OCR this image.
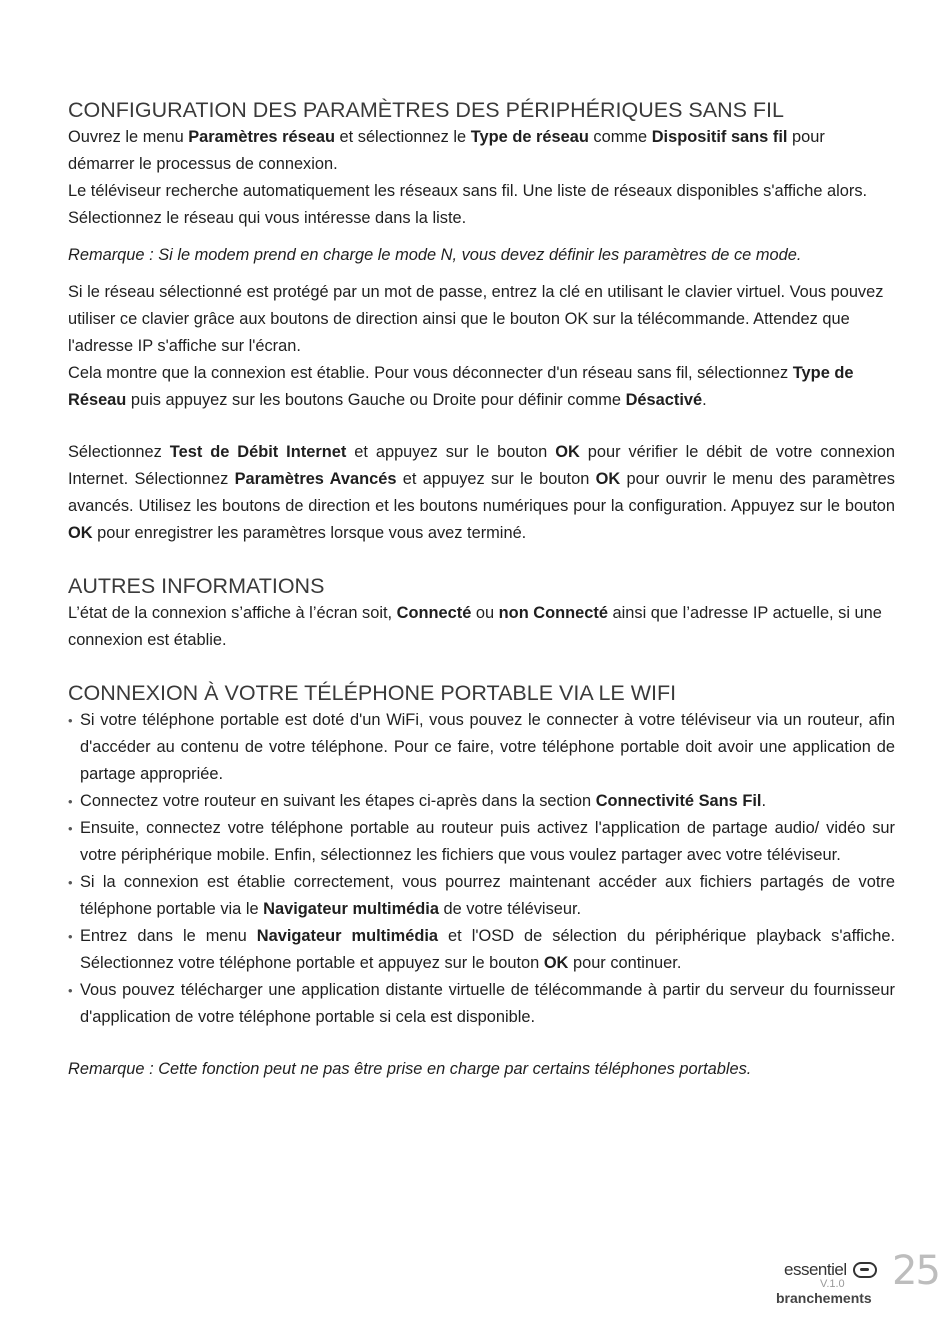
CONFIGURATION DES PARAMÈTRES DES PÉRIPHÉRIQUES SANS FIL

Ouvrez le menu Paramètres réseau et sélectionnez le Type de réseau comme Dispositif sans fil pour démarrer le processus de connexion.

Le téléviseur recherche automatiquement les réseaux sans fil. Une liste de réseaux disponibles s'affiche alors. Sélectionnez le réseau qui vous intéresse dans la liste.

Remarque : Si le modem prend en charge le mode N, vous devez définir les paramètres de ce mode.

Si le réseau sélectionné est protégé par un mot de passe, entrez la clé en utilisant le clavier virtuel. Vous pouvez utiliser ce clavier grâce aux boutons de direction ainsi que le bouton OK sur la télécommande. Attendez que l'adresse IP s'affiche sur l'écran.

Cela montre que la connexion est établie. Pour vous déconnecter d'un réseau sans fil, sélectionnez Type de Réseau puis appuyez sur les boutons Gauche ou Droite pour définir comme Désactivé.

Sélectionnez Test de Débit Internet et appuyez sur le bouton OK pour vérifier le débit de votre connexion Internet. Sélectionnez Paramètres Avancés et appuyez sur le bouton OK pour ouvrir le menu des paramètres avancés. Utilisez les boutons de direction et les boutons numériques pour la configuration. Appuyez sur le bouton OK pour enregistrer les paramètres lorsque vous avez terminé.

AUTRES INFORMATIONS

L’état de la connexion s’affiche à l’écran soit, Connecté ou non Connecté ainsi que l’adresse IP actuelle, si une connexion est établie.

CONNEXION À VOTRE TÉLÉPHONE PORTABLE VIA LE WIFI
• Si votre téléphone portable est doté d'un WiFi, vous pouvez le connecter à votre téléviseur via un routeur, afin d'accéder au contenu de votre téléphone. Pour ce faire, votre téléphone portable doit avoir une application de partage appropriée.
• Connectez votre routeur en suivant les étapes ci-après dans la section Connectivité Sans Fil.
• Ensuite, connectez votre téléphone portable au routeur puis activez l'application de partage audio/ vidéo sur votre périphérique mobile. Enfin, sélectionnez les fichiers que vous voulez partager avec votre téléviseur.
• Si la connexion est établie correctement, vous pourrez maintenant accéder aux fichiers partagés de votre téléphone portable via le Navigateur multimédia de votre téléviseur.
• Entrez dans le menu Navigateur multimédia et l'OSD de sélection du périphérique playback s'affiche. Sélectionnez votre téléphone portable et appuyez sur le bouton OK pour continuer.
• Vous pouvez télécharger une application distante virtuelle de télécommande à partir du serveur du fournisseur d'application de votre téléphone portable si cela est disponible.

Remarque : Cette fonction peut ne pas être prise en charge par certains téléphones portables.

essentiel
V.1.0
branchements
25
